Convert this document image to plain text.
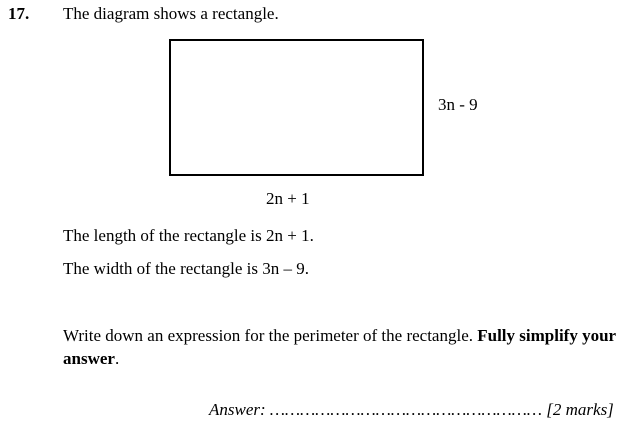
17. The diagram shows a rectangle.
3n - 9
2n + 1
The length of the rectangle is 2n + 1.
The width of the rectangle is 3n – 9.
Write down an expression for the perimeter of the rectangle. Fully simplify your
answer.
Answer: ……………………………………………… [2 marks]
